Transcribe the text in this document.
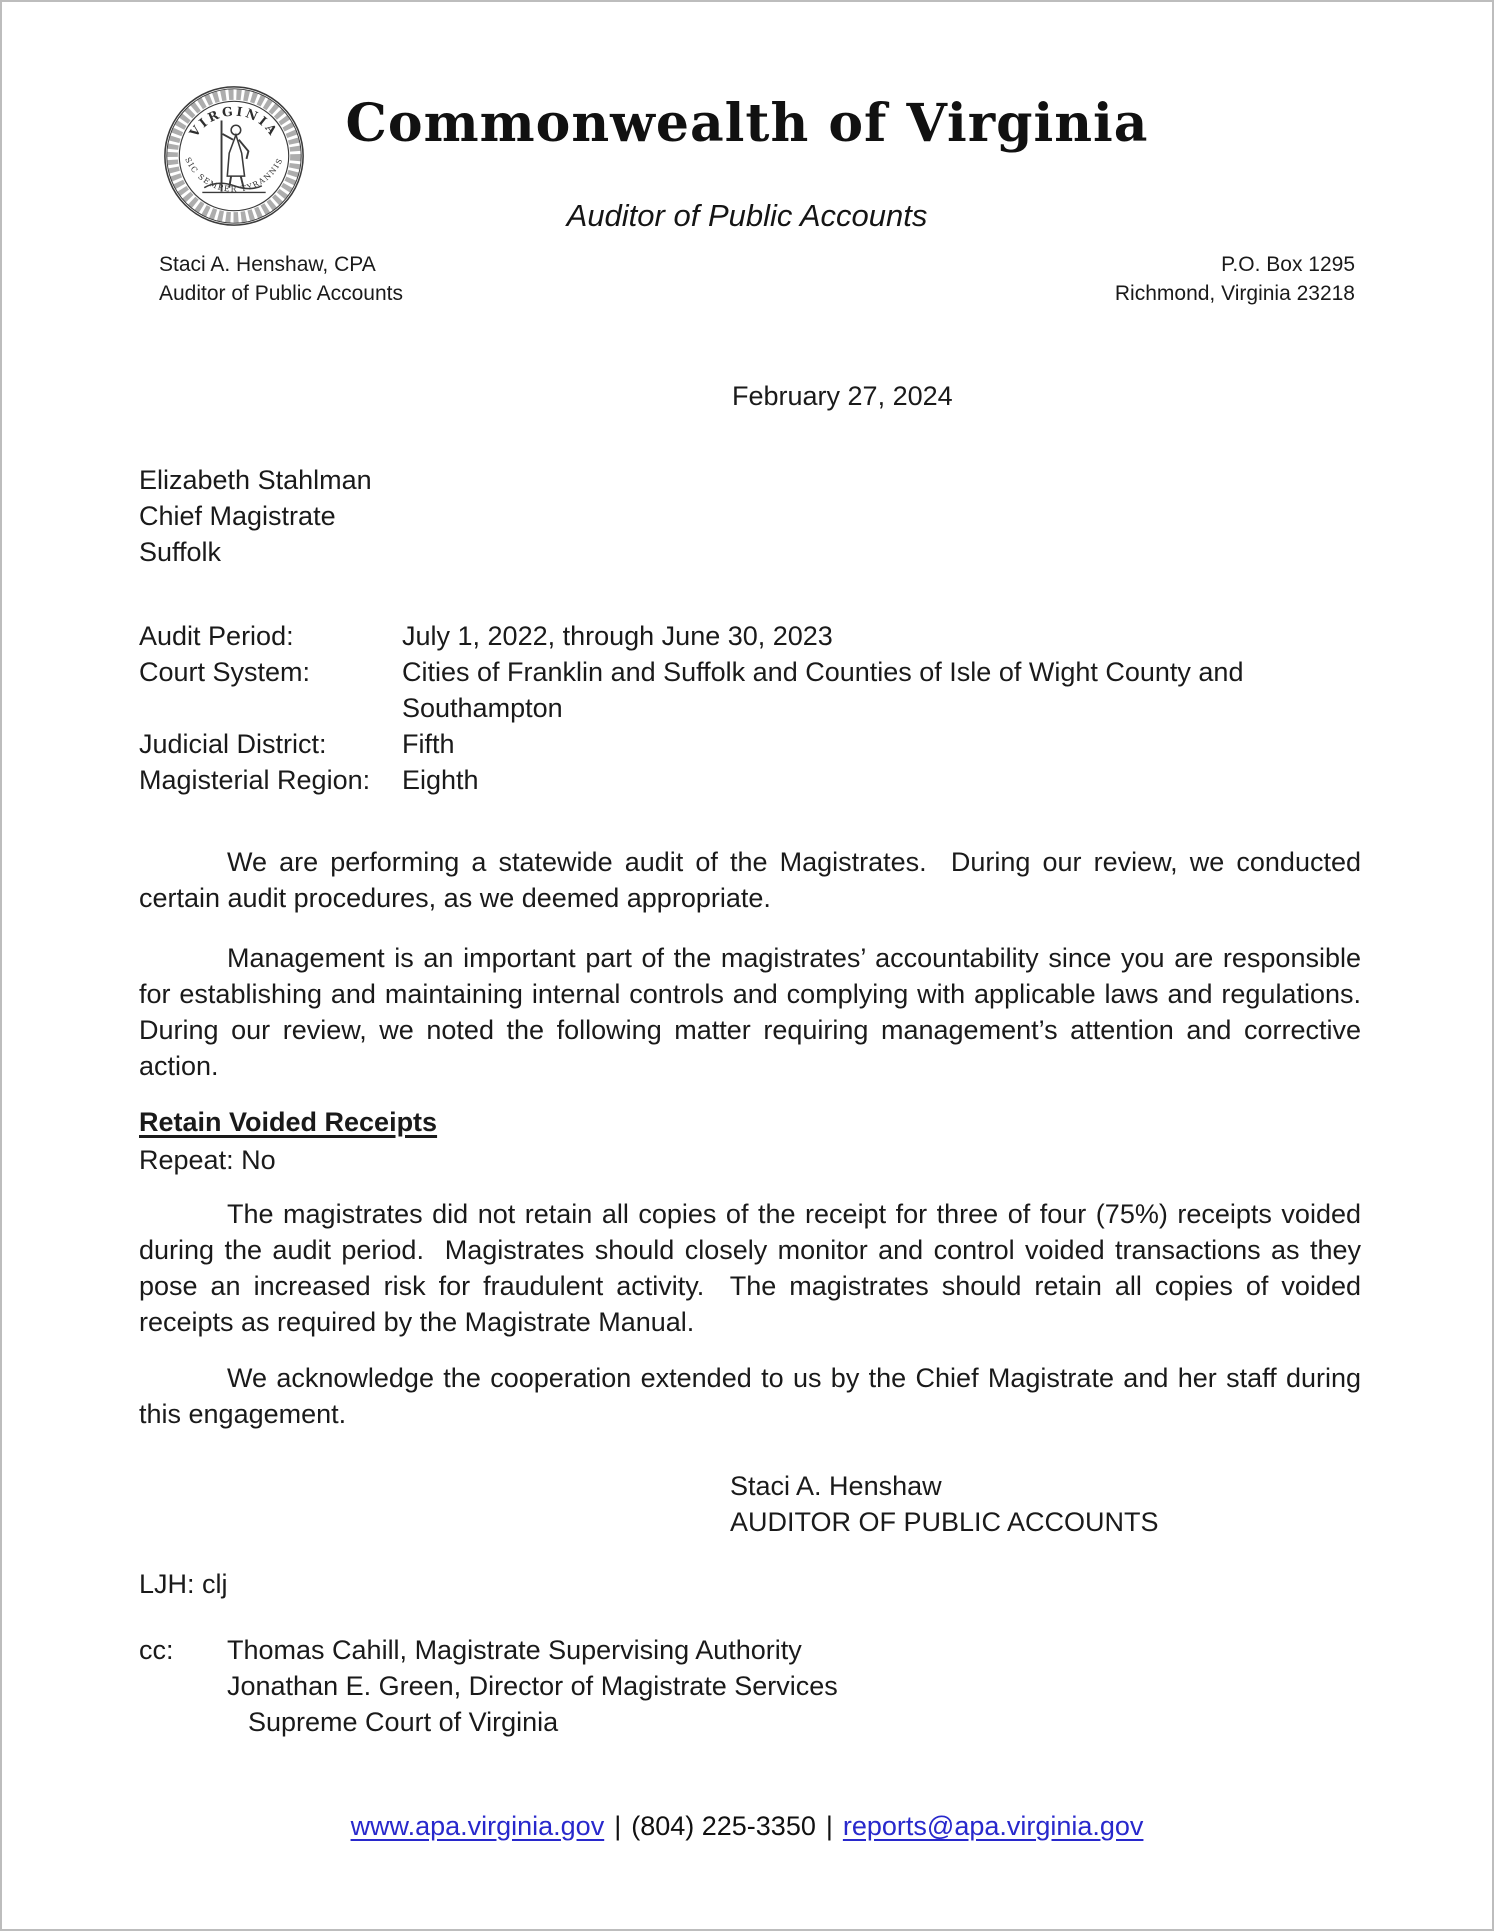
VIRGINIA
SIC SEMPER TYRANNIS
Commonwealth of Virginia
Auditor of Public Accounts
Staci A. Henshaw, CPA
Auditor of Public Accounts
P.O. Box 1295
Richmond, Virginia 23218
February 27, 2024
Elizabeth Stahlman
Chief Magistrate
Suffolk
Audit Period:	July 1, 2022, through June 30, 2023
Court System:	Cities of Franklin and Suffolk and Counties of Isle of Wight County and Southampton
Judicial District:	Fifth
Magisterial Region:	Eighth
We are performing a statewide audit of the Magistrates.  During our review, we conducted certain audit procedures, as we deemed appropriate.
Management is an important part of the magistrates’ accountability since you are responsible for establishing and maintaining internal controls and complying with applicable laws and regulations.  During our review, we noted the following matter requiring management’s attention and corrective action.
Retain Voided Receipts
Repeat: No
The magistrates did not retain all copies of the receipt for three of four (75%) receipts voided during the audit period.  Magistrates should closely monitor and control voided transactions as they pose an increased risk for fraudulent activity.  The magistrates should retain all copies of voided receipts as required by the Magistrate Manual.
We acknowledge the cooperation extended to us by the Chief Magistrate and her staff during this engagement.
Staci A. Henshaw
AUDITOR OF PUBLIC ACCOUNTS
LJH: clj
cc:	Thomas Cahill, Magistrate Supervising Authority
Jonathan E. Green, Director of Magistrate Services
Supreme Court of Virginia
www.apa.virginia.gov | (804) 225-3350 | reports@apa.virginia.gov
